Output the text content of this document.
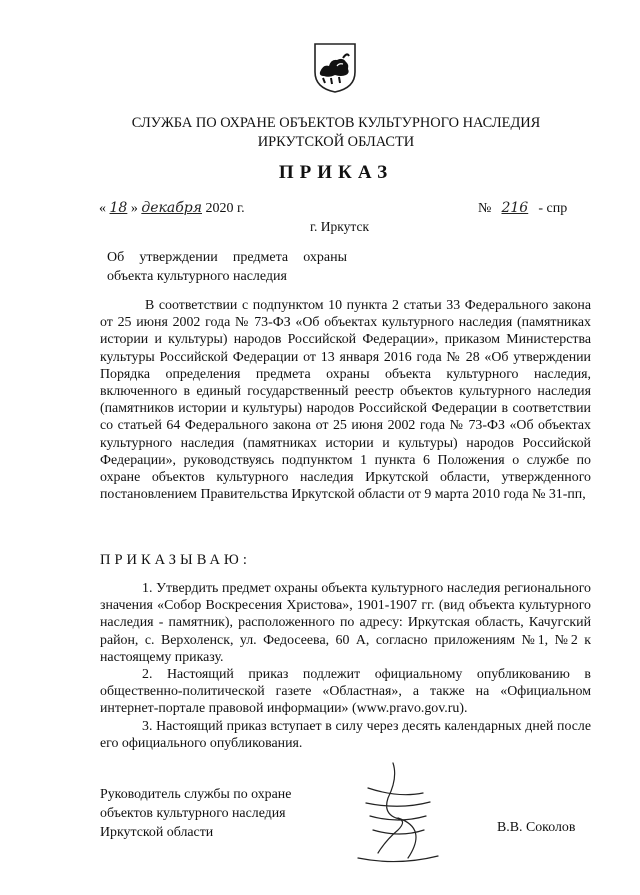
СЛУЖБА ПО ОХРАНЕ ОБЪЕКТОВ КУЛЬТУРНОГО НАСЛЕДИЯ ИРКУТСКОЙ ОБЛАСТИ
ПРИКАЗ
« 18 » декабря 2020 г.	№ 216 - спр
г. Иркутск

Об утверждении предмета охраны

объекта культурного наследия

В соответствии с подпунктом 10 пункта 2 статьи 33 Федерального закона от 25 июня 2002 года № 73-ФЗ «Об объектах культурного наследия (памятниках истории и культуры) народов Российской Федерации», приказом Министерства культуры Российской Федерации от 13 января 2016 года № 28 «Об утверждении Порядка определения предмета охраны объекта культурного наследия, включенного в единый государственный реестр объектов культурного наследия (памятников истории и культуры) народов Российской Федерации в соответствии со статьей 64 Федерального закона от 25 июня 2002 года № 73-ФЗ «Об объектах культурного наследия (памятниках истории и культуры) народов Российской Федерации», руководствуясь подпунктом 1 пункта 6 Положения о службе по охране объектов культурного наследия Иркутской области, утвержденного постановлением Правительства Иркутской области от 9 марта 2010 года № 31-пп,

ПРИКАЗЫВАЮ:

1. Утвердить предмет охраны объекта культурного наследия регионального значения «Собор Воскресения Христова», 1901-1907 гг. (вид объекта культурного наследия - памятник), расположенного по адресу: Иркутская область, Качугский район, с. Верхоленск, ул. Федосеева, 60 А, согласно приложениям №1, №2 к настоящему приказу.

2. Настоящий приказ подлежит официальному опубликованию в общественно-политической газете «Областная», а также на «Официальном интернет-портале правовой информации» (www.pravo.gov.ru).

3. Настоящий приказ вступает в силу через десять календарных дней после его официального опубликования.

Руководитель службы по охране
объектов культурного наследия
Иркутской области	В.В. Соколов
